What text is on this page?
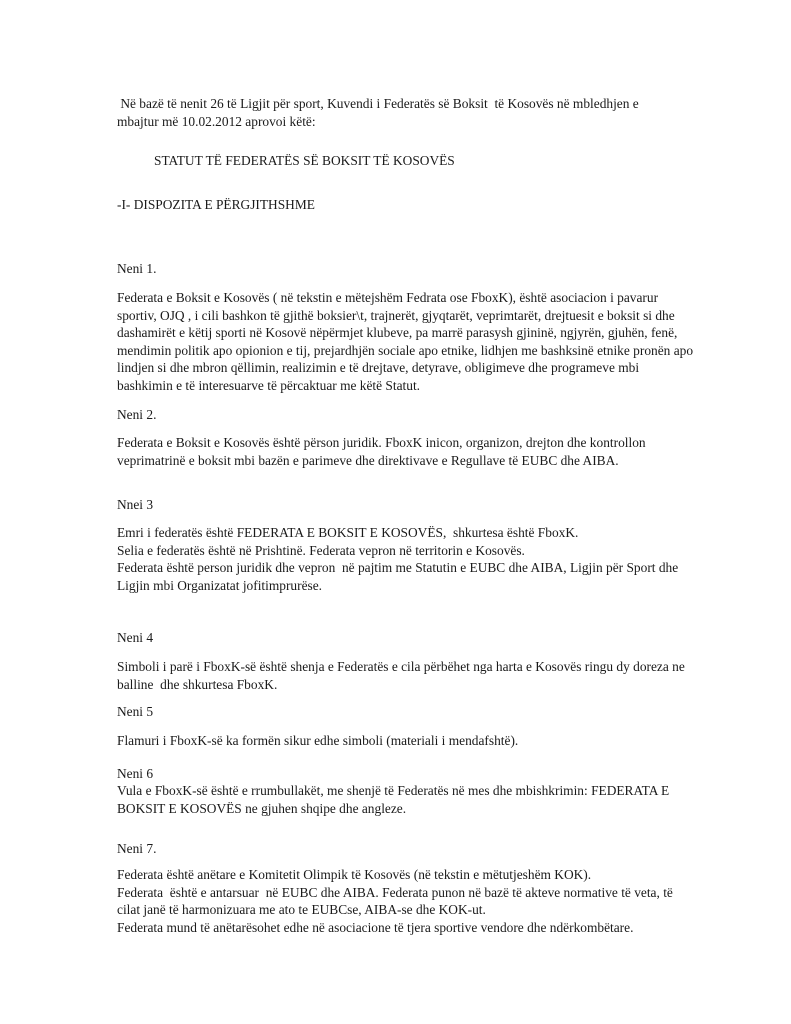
Në bazë të nenit 26 të Ligjit për sport, Kuvendi i Federatës së Boksit  të Kosovës në mbledhjen e
mbajtur më 10.02.2012 aprovoi këtë:

STATUT TË FEDERATËS SË BOKSIT TË KOSOVËS

-I- DISPOZITA E PËRGJITHSHME

Neni 1.

Federata e Boksit e Kosovës ( në tekstin e mëtejshëm Fedrata ose FboxK), është asociacion i pavarur
sportiv, OJQ , i cili bashkon të gjithë boksier\t, trajnerët, gjyqtarët, veprimtarët, drejtuesit e boksit si dhe
dashamirët e këtij sporti në Kosovë nëpërmjet klubeve, pa marrë parasysh gjininë, ngjyrën, gjuhën, fenë,
mendimin politik apo opionion e tij, prejardhjën sociale apo etnike, lidhjen me bashksinë etnike pronën apo
lindjen si dhe mbron qëllimin, realizimin e të drejtave, detyrave, obligimeve dhe programeve mbi
bashkimin e të interesuarve të përcaktuar me këtë Statut.

Neni 2.

Federata e Boksit e Kosovës është përson juridik. FboxK inicon, organizon, drejton dhe kontrollon
veprimatrinë e boksit mbi bazën e parimeve dhe direktivave e Regullave të EUBC dhe AIBA.

Nnei 3

Emri i federatës është FEDERATA E BOKSIT E KOSOVËS,  shkurtesa është FboxK.
Selia e federatës është në Prishtinë. Federata vepron në territorin e Kosovës.
Federata është person juridik dhe vepron  në pajtim me Statutin e EUBC dhe AIBA, Ligjin për Sport dhe
Ligjin mbi Organizatat jofitimprurëse.

Neni 4

Simboli i parë i FboxK-së është shenja e Federatës e cila përbëhet nga harta e Kosovës ringu dy doreza ne
balline  dhe shkurtesa FboxK.

Neni 5

Flamuri i FboxK-së ka formën sikur edhe simboli (materiali i mendafshtë).

Neni 6

Vula e FboxK-së është e rrumbullakët, me shenjë të Federatës në mes dhe mbishkrimin: FEDERATA E
BOKSIT E KOSOVËS ne gjuhen shqipe dhe angleze.

Neni 7.

Federata është anëtare e Komitetit Olimpik të Kosovës (në tekstin e mëtutjeshëm KOK).
Federata  është e antarsuar  në EUBC dhe AIBA. Federata punon në bazë të akteve normative të veta, të
cilat janë të harmonizuara me ato te EUBCse, AIBA-se dhe KOK-ut.
Federata mund të anëtarësohet edhe në asociacione të tjera sportive vendore dhe ndërkombëtare.
